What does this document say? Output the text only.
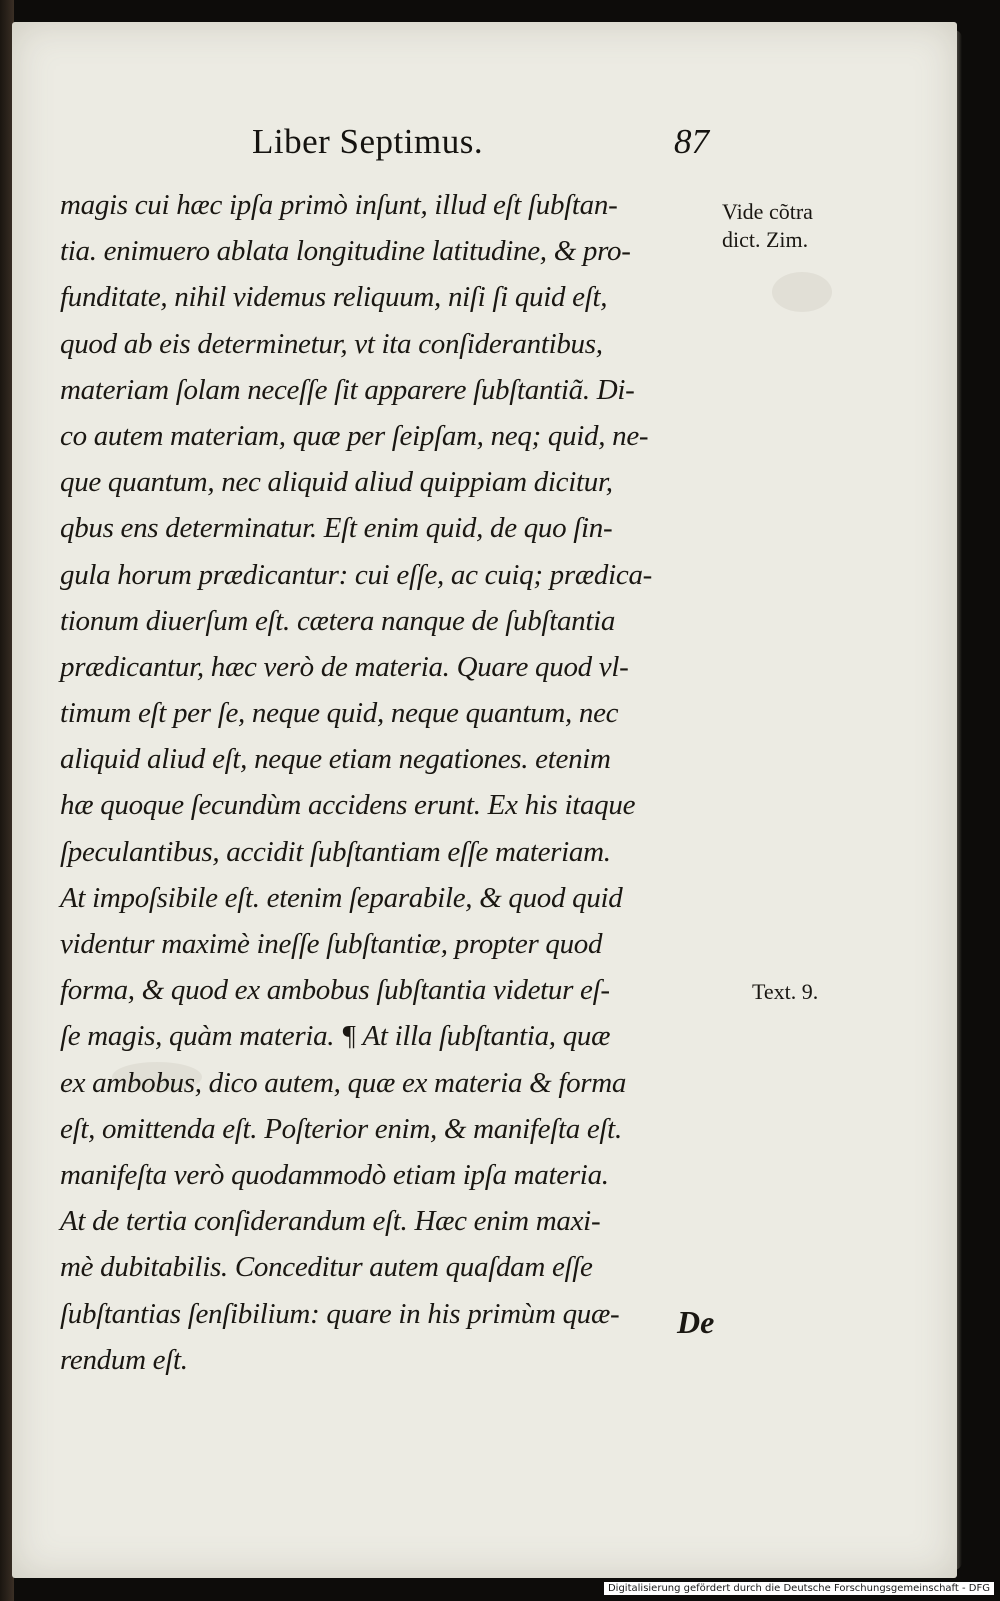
Liber Septimus.	87
magis cui hæc ipſa primò inſunt, illud eſt ſubſtan-
tia. enimuero ablata longitudine latitudine, & pro-
funditate, nihil videmus reliquum, niſi ſi quid eſt,
quod ab eis determinetur, vt ita conſiderantibus,
materiam ſolam neceſſe ſit apparere ſubſtantiã. Di-
co autem materiam, quæ per ſeipſam, neq; quid, ne-
que quantum, nec aliquid aliud quippiam dicitur,
qbus ens determinatur. Eſt enim quid, de quo ſin-
gula horum prædicantur: cui eſſe, ac cuiq; prædica-
tionum diuerſum eſt. cætera nanque de ſubſtantia
prædicantur, hæc verò de materia. Quare quod vl-
timum eſt per ſe, neque quid, neque quantum, nec
aliquid aliud eſt, neque etiam negationes. etenim
hæ quoque ſecundùm accidens erunt. Ex his itaque
ſpeculantibus, accidit ſubſtantiam eſſe materiam.
At impoſsibile eſt. etenim ſeparabile, & quod quid
videntur maximè ineſſe ſubſtantiæ, propter quod
forma, & quod ex ambobus ſubſtantia videtur eſ-
ſe magis, quàm materia. ¶ At illa ſubſtantia, quæ
ex ambobus, dico autem, quæ ex materia & forma
eſt, omittenda eſt. Poſterior enim, & manifeſta eſt.
manifeſta verò quodammodò etiam ipſa materia.
At de tertia conſiderandum eſt. Hæc enim maxi-
mè dubitabilis. Conceditur autem quaſdam eſſe
ſubſtantias ſenſibilium: quare in his primùm quæ-
rendum eſt.
Vide cõtra
dict. Zim.
Text. 9.
De
Digitalisierung gefördert durch die Deutsche Forschungsgemeinschaft - DFG
